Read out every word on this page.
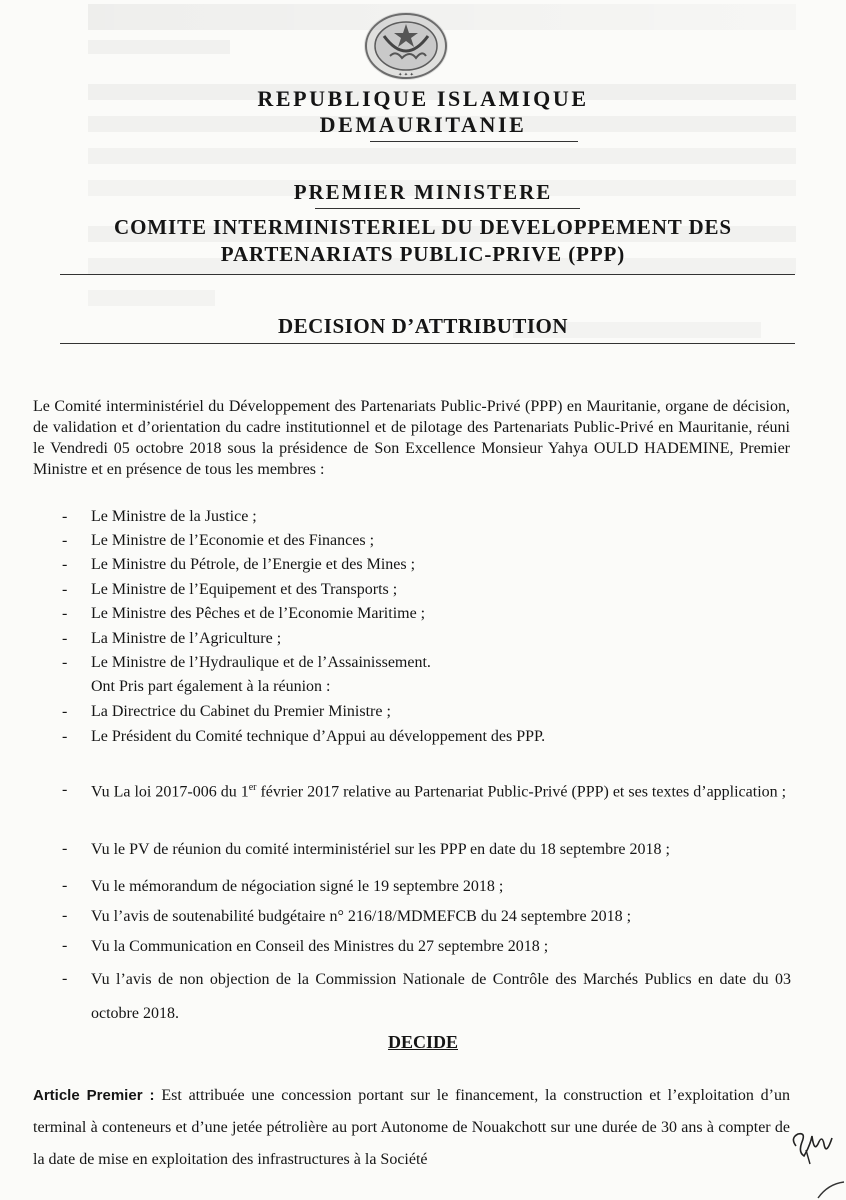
✦ ✦ ✦
REPUBLIQUE ISLAMIQUE
DEMAURITANIE
PREMIER MINISTERE
COMITE INTERMINISTERIEL DU DEVELOPPEMENT DES
PARTENARIATS PUBLIC-PRIVE (PPP)
DECISION D’ATTRIBUTION
Le Comité interministériel du Développement des Partenariats Public-Privé (PPP) en Mauritanie, organe de décision, de validation et d’orientation du cadre institutionnel et de pilotage des Partenariats Public-Privé en Mauritanie, réuni le Vendredi 05 octobre 2018 sous la présidence de Son Excellence Monsieur Yahya OULD HADEMINE, Premier Ministre et en présence de tous les membres :
- Le Ministre de la Justice ;
- Le Ministre de l’Economie et des Finances ;
- Le Ministre du Pétrole, de l’Energie et des Mines ;
- Le Ministre de l’Equipement et des Transports ;
- Le Ministre des Pêches et de l’Economie Maritime ;
- La Ministre de l’Agriculture ;
- Le Ministre de l’Hydraulique et de l’Assainissement.
Ont Pris part également à la réunion :
- La Directrice du Cabinet du Premier Ministre ;
- Le Président du Comité technique d’Appui au développement des PPP.
- Vu La loi 2017-006 du 1er février 2017 relative au Partenariat Public-Privé (PPP) et ses textes d’application ;
- Vu le PV de réunion du comité interministériel sur les PPP en date du 18 septembre 2018 ;
- Vu le mémorandum de négociation signé le 19 septembre 2018 ;
- Vu l’avis de soutenabilité budgétaire n° 216/18/MDMEFCB du 24 septembre 2018 ;
- Vu la Communication en Conseil des Ministres du 27 septembre 2018 ;
- Vu l’avis de non objection de la Commission Nationale de Contrôle des Marchés Publics en date du 03 octobre 2018.
DECIDE
Article Premier : Est attribuée une concession portant sur le financement, la construction et l’exploitation d’un terminal à conteneurs et d’une jetée pétrolière au port Autonome de Nouakchott sur une durée de 30 ans à compter de la date de mise en exploitation des infrastructures à la Société
